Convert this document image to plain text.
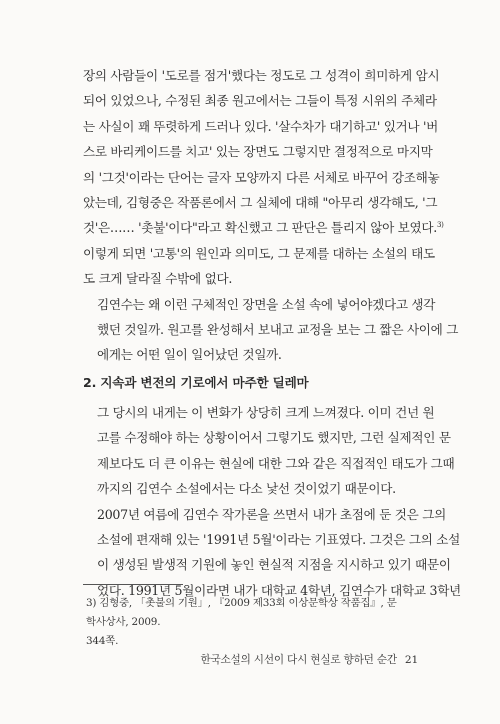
장의 사람들이 '도로를 점거'했다는 정도로 그 성격이 희미하게 암시
되어 있었으나, 수정된 최종 원고에서는 그들이 특정 시위의 주체라
는 사실이 꽤 뚜렷하게 드러나 있다. '살수차가 대기하고' 있거나 '버
스로 바리케이드를 치고' 있는 장면도 그렇지만 결정적으로 마지막
의 '그것'이라는 단어는 글자 모양까지 다른 서체로 바꾸어 강조해놓
았는데, 김형중은 작품론에서 그 실체에 대해 "아무리 생각해도, '그
것'은…… '촛불'이다"라고 확신했고 그 판단은 틀리지 않아 보였다.$^{3)}$
이렇게 되면 '고통'의 원인과 의미도, 그 문제를 대하는 소설의 태도
도 크게 달라질 수밖에 없다.

김연수는 왜 이런 구체적인 장면을 소설 속에 넣어야겠다고 생각
했던 것일까. 원고를 완성해서 보내고 교정을 보는 그 짧은 사이에 그
에게는 어떤 일이 일어났던 것일까.

2. 지속과 변전의 기로에서 마주한 딜레마

그 당시의 내게는 이 변화가 상당히 크게 느껴졌다. 이미 건넌 원
고를 수정해야 하는 상황이어서 그렇기도 했지만, 그런 실제적인 문
제보다도 더 큰 이유는 현실에 대한 그와 같은 직접적인 태도가 그때
까지의 김연수 소설에서는 다소 낯선 것이었기 때문이다.

2007년 여름에 김연수 작가론을 쓰면서 내가 초점에 둔 것은 그의
소설에 편재해 있는 '1991년 5월'이라는 기표였다. 그것은 그의 소설
이 생성된 발생적 기원에 놓인 현실적 지점을 지시하고 있기 때문이
었다. 1991년 5월이라면 내가 대학교 4학년, 김연수가 대학교 3학년

3) 김형중, 「촛불의 기원」, 『2009 제33회 이상문학상 작품집』, 문학사상사, 2009.
344쪽.
한국소설의 시선이 다시 현실로 향하던 순간 21
